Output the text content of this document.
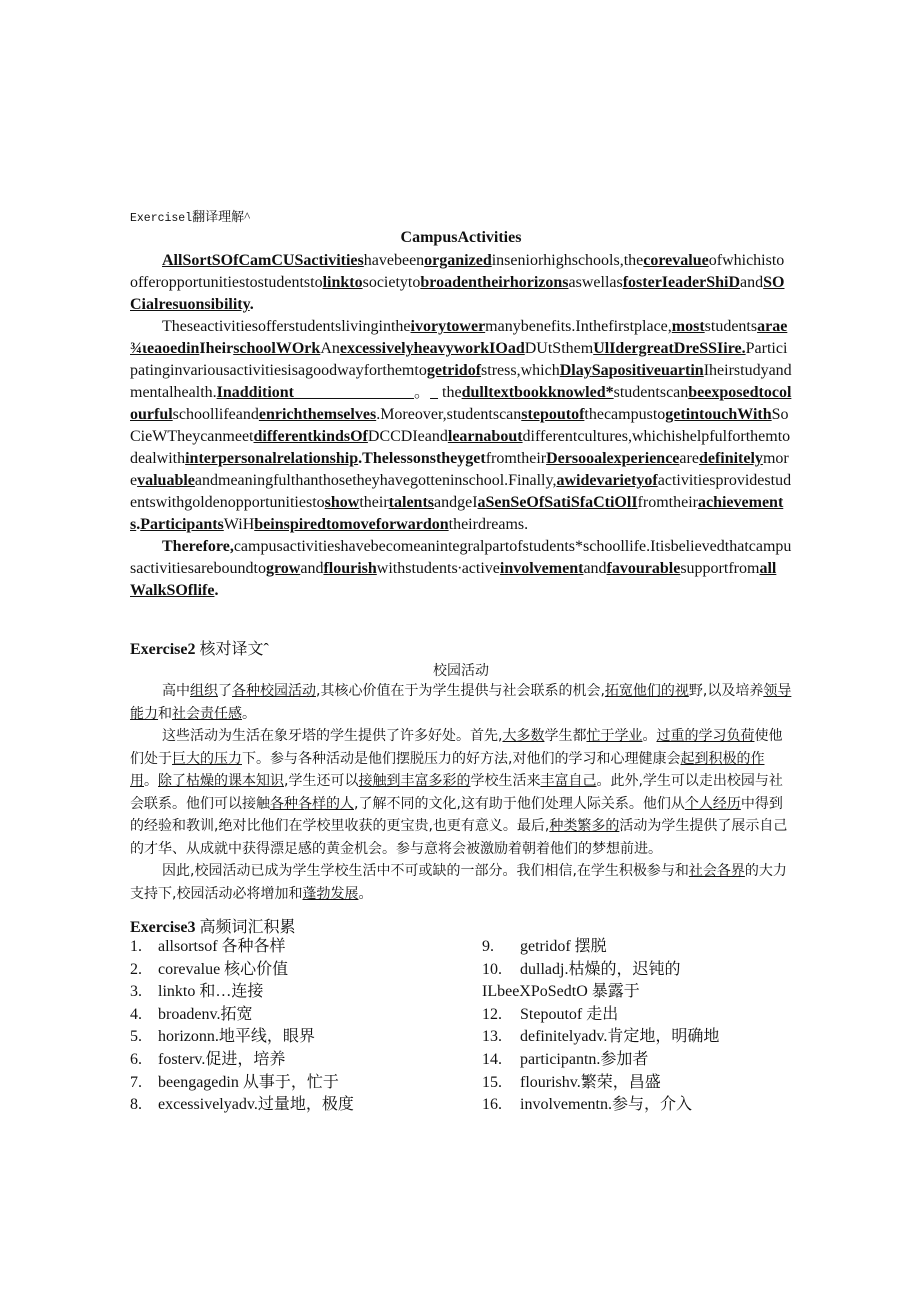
Exercisel翻译理解^
CampusActivities

AllSortSOfCamCUSactivitieshavebeenorganizedinseniorhighschools,thecorevalueofwhichistoofferopportunitiestostudentstolinktosocietytobroadentheirhorizonsaswellasfosterIeaderShiDandSOCialresuonsibility.

Theseactivitiesofferstudentslivingintheivorytowermanybenefits.Inthefirstplace,moststudentsarae¾ιeaoedinIheirschoolWOrkAnexcessivelyheavyworkIOadDUtSthemUlIdergreatDreSSIire.Participatinginvariousactivitiesisagoodwayforthemtogetridofstress,whichDlaySapositiveuartinIheirstudyandmentalhealth.Inadditiont	。 thedulltextbookknowled*studentscanbeexposedtocolourfulschoollifeandenrichthemselves.Moreover,studentscanstepoutofthecampustogetintouchWithSoCieWTheycanmeetdifferentkindsOfDCCDIeandlearnaboutdifferentcultures,whichishelpfulforthemtodealwithinterpersonalrelationship.ThelessonstheygetfromtheirDersooalexperiencearedefinitelymorevaluableandmeaningfulthanthosetheyhavegotteninschool.Finally,awidevarietyofactivitiesprovidestudentswithgoldenopportunitiestoshowtheirtalentsandgeIaSenSeOfSatiSfaCtiOlIfromtheirachievements.ParticipantsWiHbeinspiredtomoveforwardontheirdreams.

Therefore,campusactivitieshavebecomeanintegralpartofstudents*schoollife.Itisbelievedthatcampusactivitiesareboundtogrowandflourishwithstudents∙activeinvolvementandfavourablesupportfromallWalkSOflife.

Exercise2 核对译文ˆ
校园活动

高中组织了各种校园活动,其核心价值在于为学生提供与社会联系的机会,拓宽他们的视野,以及培养领导能力和社会责任感。

这些活动为生活在象牙塔的学生提供了许多好处。首先,大多数学生都忙于学业。过重的学习负荷使他们处于巨大的压力下。参与各种活动是他们摆脱压力的好方法,对他们的学习和心理健康会起到积极的作用。除了枯燥的课本知识,学生还可以接触到丰富多彩的学校生活来丰富自己。此外,学生可以走出校园与社会联系。他们可以接触各种各样的人,了解不同的文化,这有助于他们处理人际关系。他们从个人经历中得到的经验和教训,绝对比他们在学校里收获的更宝贵,也更有意义。最后,种类繁多的活动为学生提供了展示自己的才华、从成就中获得漂足感的黄金机会。参与意将会被激励着朝着他们的梦想前进。

因此,校园活动已成为学生学校生活中不可或缺的一部分。我们相信,在学生积极参与和社会各界的大力支持下,校园活动必将增加和蓬勃发展。

Exercise3 高频词汇积累
1. allsortsof 各种各样
2. corevalue 核心价值
3. linkto 和…连接
4. broadenv.拓宽
5. horizonn.地平线，眼界
6. fosterv.促进，培养
7. beengagedin 从事于，忙于
8. excessivelyadv.过量地，极度
9. getridof 摆脱
10. dulladj.枯燥的，迟钝的
ILbeeXPoSedtO 暴露于
12. Stepoutof 走出
13. definitelyadv.肯定地，明确地
14. participantn.参加者
15. flourishv.繁荣，昌盛
16. involvementn.参与，介入
